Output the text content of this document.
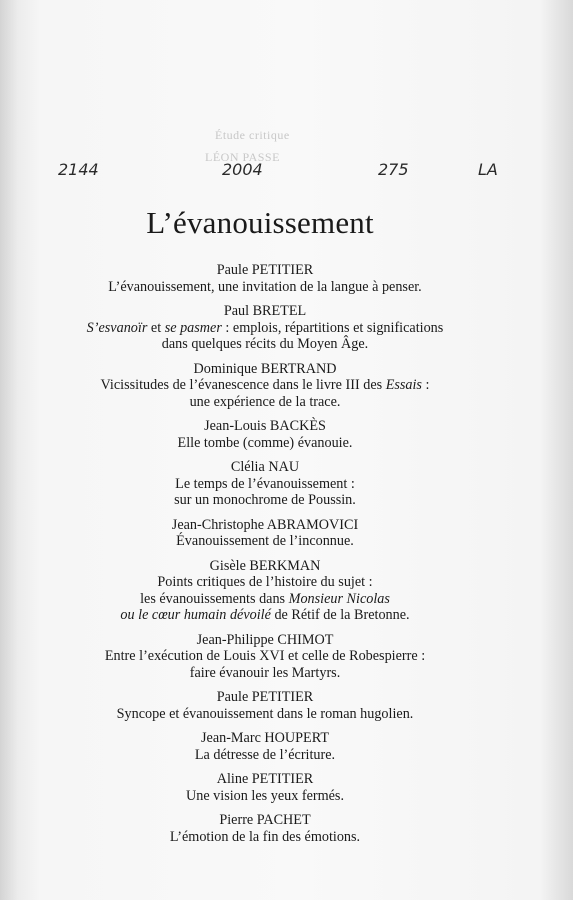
Étude critique
LÉON PASSE
2144	2004	275	LA
L’évanouissement
Paule PETITIER
L’évanouissement, une invitation de la langue à penser.
Paul BRETEL
S’esvanoïr et se pasmer : emplois, répartitions et significations
dans quelques récits du Moyen Âge.
Dominique BERTRAND
Vicissitudes de l’évanescence dans le livre III des Essais :
une expérience de la trace.
Jean-Louis BACKÈS
Elle tombe (comme) évanouie.
Clélia NAU
Le temps de l’évanouissement :
sur un monochrome de Poussin.
Jean-Christophe ABRAMOVICI
Évanouissement de l’inconnue.
Gisèle BERKMAN
Points critiques de l’histoire du sujet :
les évanouissements dans Monsieur Nicolas
ou le cœur humain dévoilé de Rétif de la Bretonne.
Jean-Philippe CHIMOT
Entre l’exécution de Louis XVI et celle de Robespierre :
faire évanouir les Martyrs.
Paule PETITIER
Syncope et évanouissement dans le roman hugolien.
Jean-Marc HOUPERT
La détresse de l’écriture.
Aline PETITIER
Une vision les yeux fermés.
Pierre PACHET
L’émotion de la fin des émotions.
